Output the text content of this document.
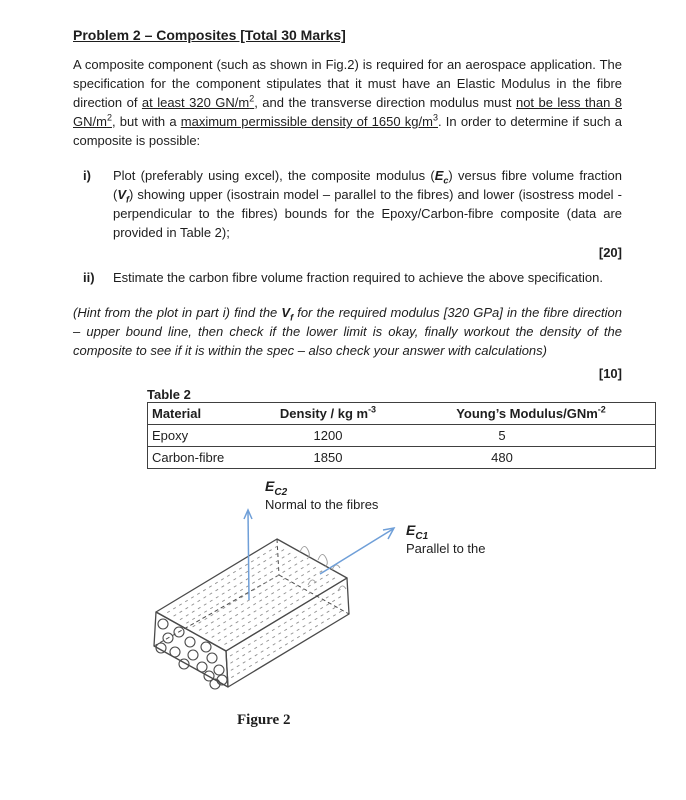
Problem 2 – Composites [Total 30 Marks]

A composite component (such as shown in Fig.2) is required for an aerospace application. The specification for the component stipulates that it must have an Elastic Modulus in the fibre direction of at least 320 $GN/m^2$, and the transverse direction modulus must not be less than 8 $GN/m^2$, but with a maximum permissible density of 1650 $kg/m^3$. In order to determine if such a composite is possible:

i)	Plot (preferably using excel), the composite modulus $(E_c)$ versus fibre volume fraction $(V_f)$ showing upper (isostrain model – parallel to the fibres) and lower (isostress model - perpendicular to the fibres) bounds for the Epoxy/Carbon-fibre composite (data are provided in Table 2);
[20]
ii)	Estimate the carbon fibre volume fraction required to achieve the above specification.

(Hint from the plot in part i) find the $V_f$ for the required modulus [320 GPa] in the fibre direction – upper bound line, then check if the lower limit is okay, finally workout the density of the composite to see if it is within the spec – also check your answer with calculations)

[10]
Table 2
Material	Density / kg $m^{-3}$	Young’s Modulus/GNm$^{-2}$
Epoxy	1200	5
Carbon-fibre	1850	480
$E_{C2}$
Normal to the fibres
$E_{C1}$
Parallel to the
Figure 2
